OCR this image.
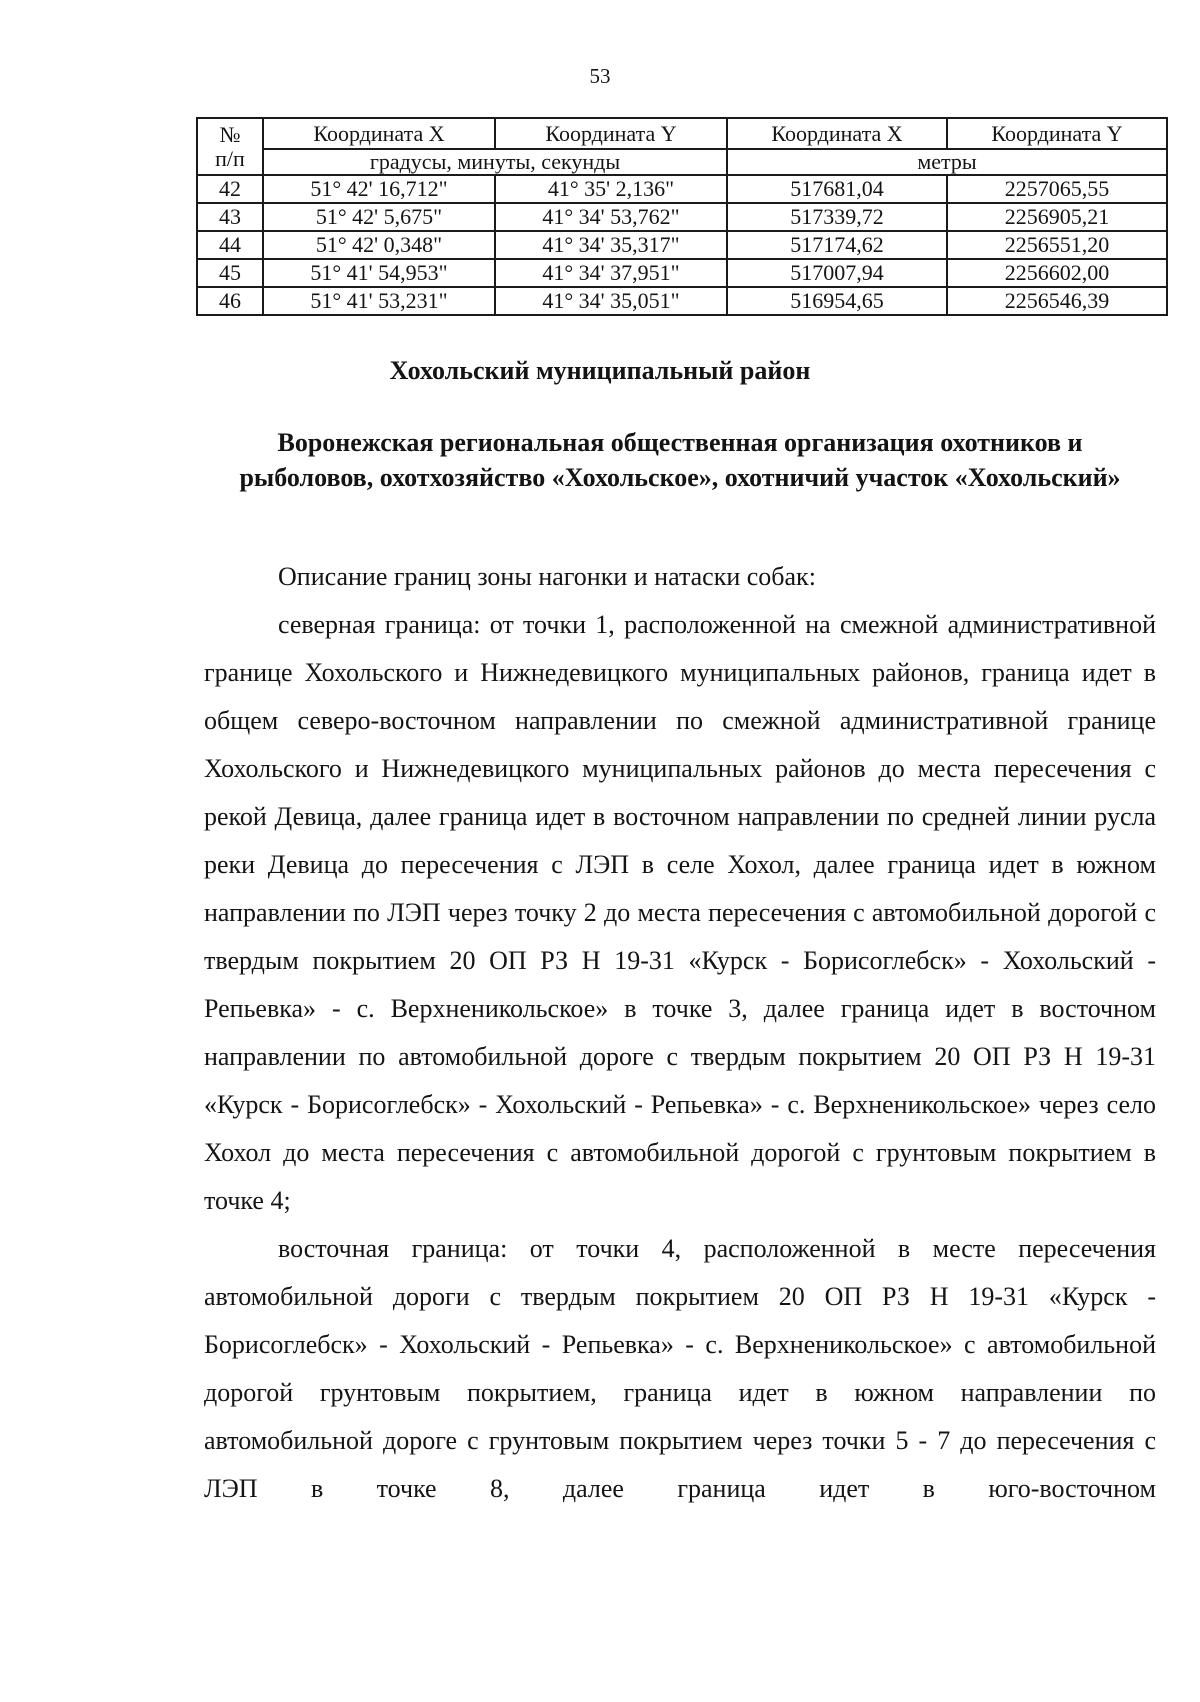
53
№
п/п	Координата X	Координата Y	Координата X	Координата Y
	градусы, минуты, секунды		метры	
42	51° 42' 16,712"	41° 35' 2,136"	517681,04	2257065,55
43	51° 42' 5,675"	41° 34' 53,762"	517339,72	2256905,21
44	51° 42' 0,348"	41° 34' 35,317"	517174,62	2256551,20
45	51° 41' 54,953"	41° 34' 37,951"	517007,94	2256602,00
46	51° 41' 53,231"	41° 34' 35,051"	516954,65	2256546,39
Хохольский муниципальный район
Воронежская региональная общественная организация охотников и рыболовов, охотхозяйство «Хохольское», охотничий участок «Хохольский»

Описание границ зоны нагонки и натаски собак:

северная граница: от точки 1, расположенной на смежной административной границе Хохольского и Нижнедевицкого муниципальных районов, граница идет в общем северо-восточном направлении по смежной административной границе Хохольского и Нижнедевицкого муниципальных районов до места пересечения с рекой Девица, далее граница идет в восточном направлении по средней линии русла реки Девица до пересечения с ЛЭП в селе Хохол, далее граница идет в южном направлении по ЛЭП через точку 2 до места пересечения с автомобильной дорогой с твердым покрытием 20 ОП РЗ Н 19-31 «Курск - Борисоглебск» - Хохольский - Репьевка» - с. Верхненикольское» в точке 3, далее граница идет в восточном направлении по автомобильной дороге с твердым покрытием 20 ОП РЗ Н 19-31 «Курск - Борисоглебск» - Хохольский - Репьевка» - с. Верхненикольское» через село Хохол до места пересечения с автомобильной дорогой с грунтовым покрытием в точке 4;

восточная граница: от точки 4, расположенной в месте пересечения автомобильной дороги с твердым покрытием 20 ОП РЗ Н 19-31 «Курск - Борисоглебск» - Хохольский - Репьевка» - с. Верхненикольское» с автомобильной дорогой грунтовым покрытием, граница идет в южном направлении по автомобильной дороге с грунтовым покрытием через точки 5 - 7 до пересечения с ЛЭП в точке 8, далее граница идет в юго-восточном
